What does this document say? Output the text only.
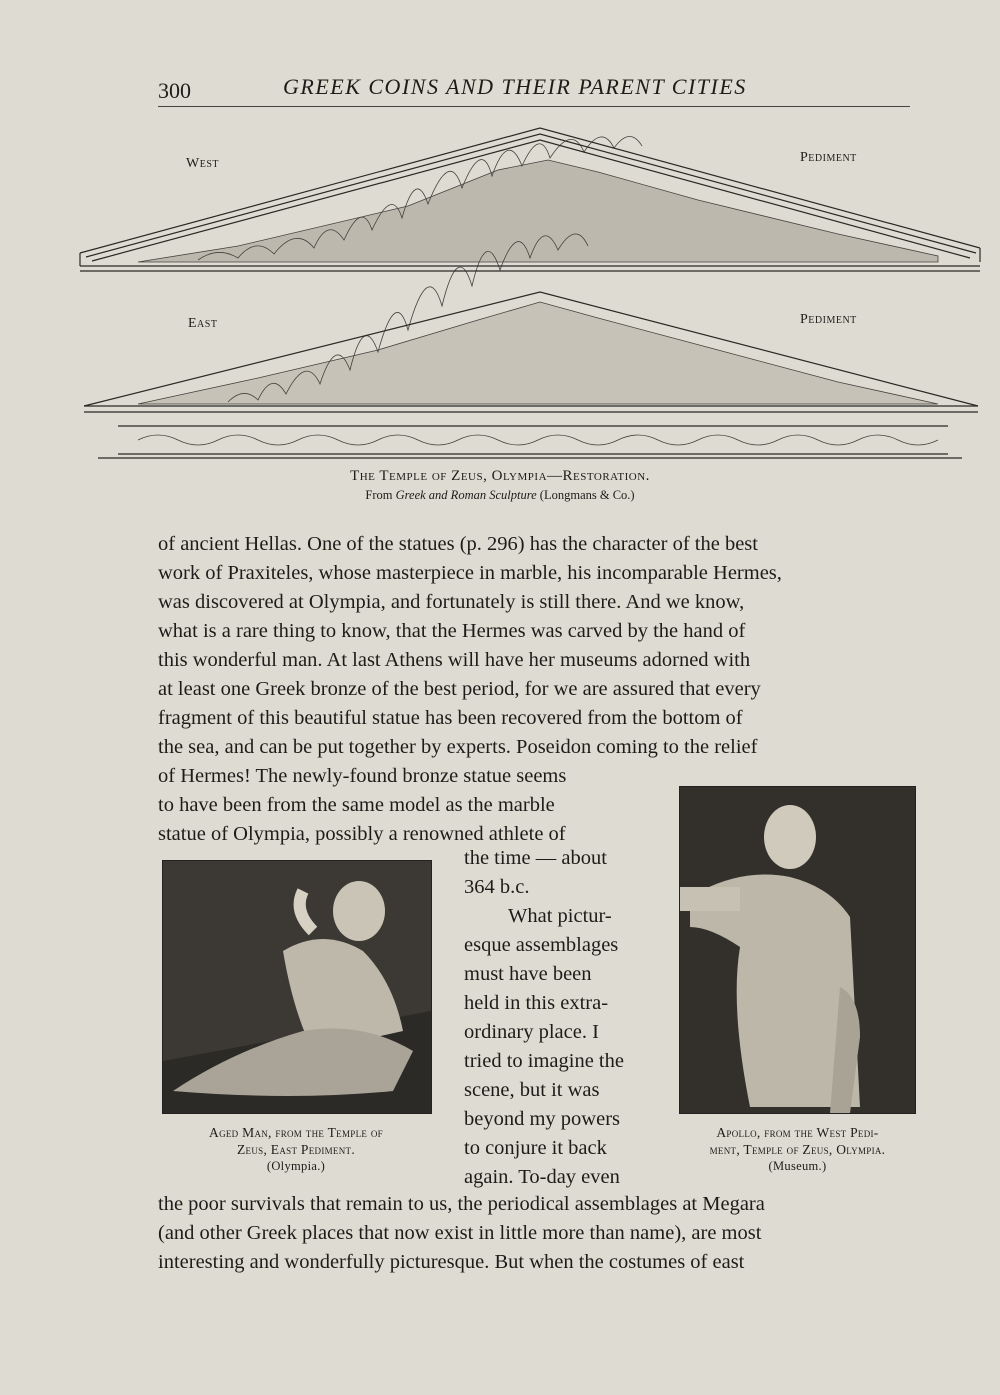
300	GREEK COINS AND THEIR PARENT CITIES
West	Pediment
East	Pediment
The Temple of Zeus, Olympia—Restoration.
From Greek and Roman Sculpture (Longmans & Co.)
of ancient Hellas. One of the statues (p. 296) has the character of the best
work of Praxiteles, whose masterpiece in marble, his incomparable Hermes,
was discovered at Olympia, and fortunately is still there. And we know,
what is a rare thing to know, that the Hermes was carved by the hand of
this wonderful man. At last Athens will have her museums adorned with
at least one Greek bronze of the best period, for we are assured that every
fragment of this beautiful statue has been recovered from the bottom of
the sea, and can be put together by experts. Poseidon coming to the relief
of Hermes! The newly-found bronze statue seems
to have been from the same model as the marble
statue of Olympia, possibly a renowned athlete of
Aged Man, from the Temple of
Zeus, East Pediment.
(Olympia.)
the time — about
364 b.c.
What pictur-
esque assemblages
must have been
held in this extra-
ordinary place. I
tried to imagine the
scene, but it was
beyond my powers
to conjure it back
again. To-day even
Apollo, from the West Pedi-
ment, Temple of Zeus, Olympia.
(Museum.)
the poor survivals that remain to us, the periodical assemblages at Megara
(and other Greek places that now exist in little more than name), are most
interesting and wonderfully picturesque. But when the costumes of east
